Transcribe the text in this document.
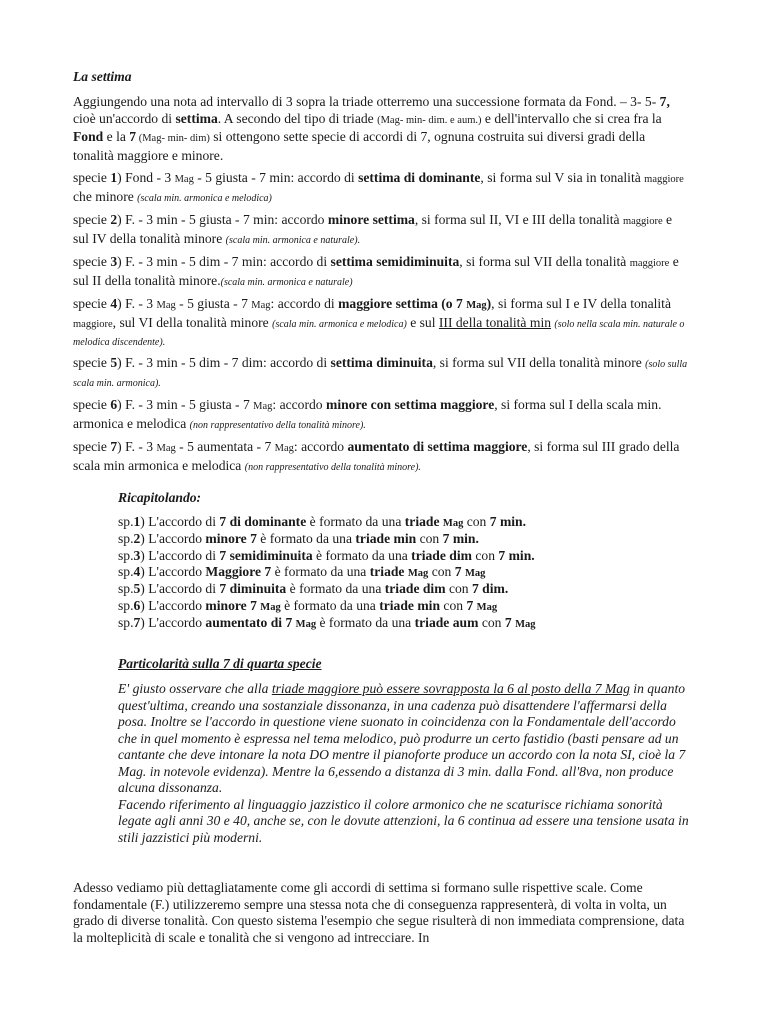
La settima

Aggiungendo una nota ad intervallo di 3 sopra la triade otterremo una successione formata da Fond. – 3- 5- 7, cioè un'accordo di settima. A secondo del tipo di triade (Mag- min- dim. e aum.) e dell'intervallo che si crea fra la Fond e la 7 (Mag- min- dim) si ottengono sette specie di accordi di 7, ognuna costruita sui diversi gradi della tonalità maggiore e minore.

specie 1) Fond - 3 Mag - 5 giusta - 7 min: accordo di settima di dominante, si forma sul V sia in tonalità maggiore che minore (scala min. armonica e melodica)

specie 2) F. - 3 min - 5 giusta - 7 min: accordo minore settima, si forma sul II, VI e III della tonalità maggiore e sul IV della tonalità minore (scala min. armonica e naturale).

specie 3) F. - 3 min - 5 dim - 7 min: accordo di settima semidiminuita, si forma sul VII della tonalità maggiore e sul II della tonalità minore.(scala min. armonica e naturale)

specie 4) F. - 3 Mag - 5 giusta - 7 Mag: accordo di maggiore settima (o 7 Mag), si forma sul I e IV della tonalità maggiore, sul VI della tonalità minore (scala min. armonica e melodica) e sul III della tonalità min (solo nella scala min. naturale o melodica discendente).

specie 5) F. - 3 min - 5 dim - 7 dim: accordo di settima diminuita, si forma sul VII della tonalità minore (solo sulla scala min. armonica).

specie 6) F. - 3 min - 5 giusta - 7 Mag: accordo minore con settima maggiore, si forma sul I della scala min. armonica e melodica (non rappresentativo della tonalità minore).

specie 7) F. - 3 Mag - 5 aumentata - 7 Mag: accordo aumentato di settima maggiore, si forma sul III grado della scala min armonica e melodica (non rappresentativo della tonalità minore).

Ricapitolando:
sp.1) L'accordo di 7 di dominante è formato da una triade Mag con 7 min.
sp.2) L'accordo minore 7 è formato da una triade min con 7 min.
sp.3) L'accordo di 7 semidiminuita è formato da una triade dim con 7 min.
sp.4) L'accordo Maggiore 7 è formato da una triade Mag con 7 Mag
sp.5) L'accordo di 7 diminuita è formato da una triade dim con 7 dim.
sp.6) L'accordo minore 7 Mag è formato da una triade min con 7 Mag
sp.7) L'accordo aumentato di 7 Mag è formato da una triade aum con 7 Mag
Particolarità sulla 7 di quarta specie
E' giusto osservare che alla triade maggiore può essere sovrapposta la 6 al posto della 7 Mag in quanto quest'ultima, creando una sostanziale dissonanza, in una cadenza può disattendere l'affermarsi della posa. Inoltre se l'accordo in questione viene suonato in coincidenza con la Fondamentale dell'accordo che in quel momento è espressa nel tema melodico, può produrre un certo fastidio (basti pensare ad un cantante che deve intonare la nota DO mentre il pianoforte produce un accordo con la nota SI, cioè la 7 Mag. in notevole evidenza). Mentre la 6,essendo a distanza di 3 min. dalla Fond. all'8va, non produce alcuna dissonanza.
Facendo riferimento al linguaggio jazzistico il colore armonico che ne scaturisce richiama sonorità legate agli anni 30 e 40, anche se, con le dovute attenzioni, la 6 continua ad essere una tensione usata in stili jazzistici più moderni.

Adesso vediamo più dettagliatamente come gli accordi di settima si formano sulle rispettive scale. Come fondamentale (F.) utilizzeremo sempre una stessa nota che di conseguenza rappresenterà, di volta in volta, un grado di diverse tonalità. Con questo sistema l'esempio che segue risulterà di non immediata comprensione, data la molteplicità di scale e tonalità che si vengono ad intrecciare. In
